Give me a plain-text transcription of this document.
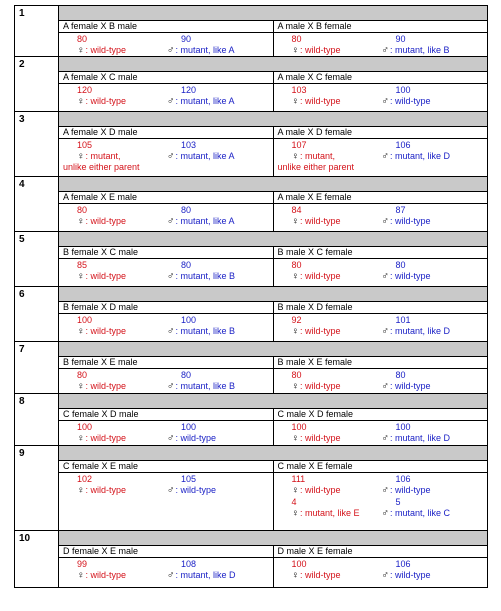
1
A female X B male
80
♀: wild-type
90
♂: mutant, like A
A male X B female
80
♀: wild-type
90
♂: mutant, like B
2
A female X C male
120
♀: wild-type
120
♂: mutant, like A
A male X C female
103
♀: wild-type
100
♂: wild-type
3
A female X D male
105
♀: mutant,
unlike either parent
103
♂: mutant, like A
A male X D female
107
♀: mutant,
unlike either parent
106
♂: mutant, like D
4
A female X E male
80
♀: wild-type
80
♂: mutant, like A
A male X E female
84
♀: wild-type
87
♂: wild-type
5
B female X C male
85
♀: wild-type
80
♂: mutant, like B
B male X C female
80
♀: wild-type
80
♂: wild-type
6
B female X D male
100
♀: wild-type
100
♂: mutant, like B
B male X D female
92
♀: wild-type
101
♂: mutant, like D
7
B female X E male
80
♀: wild-type
80
♂: mutant, like B
B male X E female
80
♀: wild-type
80
♂: wild-type
8
C female X D male
100
♀: wild-type
100
♂: wild-type
C male X D female
100
♀: wild-type
100
♂: mutant, like D
9
C female X E male
102
♀: wild-type
105
♂: wild-type
C male X E female
111
♀: wild-type
106
♂: wild-type
4
♀: mutant, like E
5
♂: mutant, like C
10
D female X E male
99
♀: wild-type
108
♂: mutant, like D
D male X E female
100
♀: wild-type
106
♂: wild-type
